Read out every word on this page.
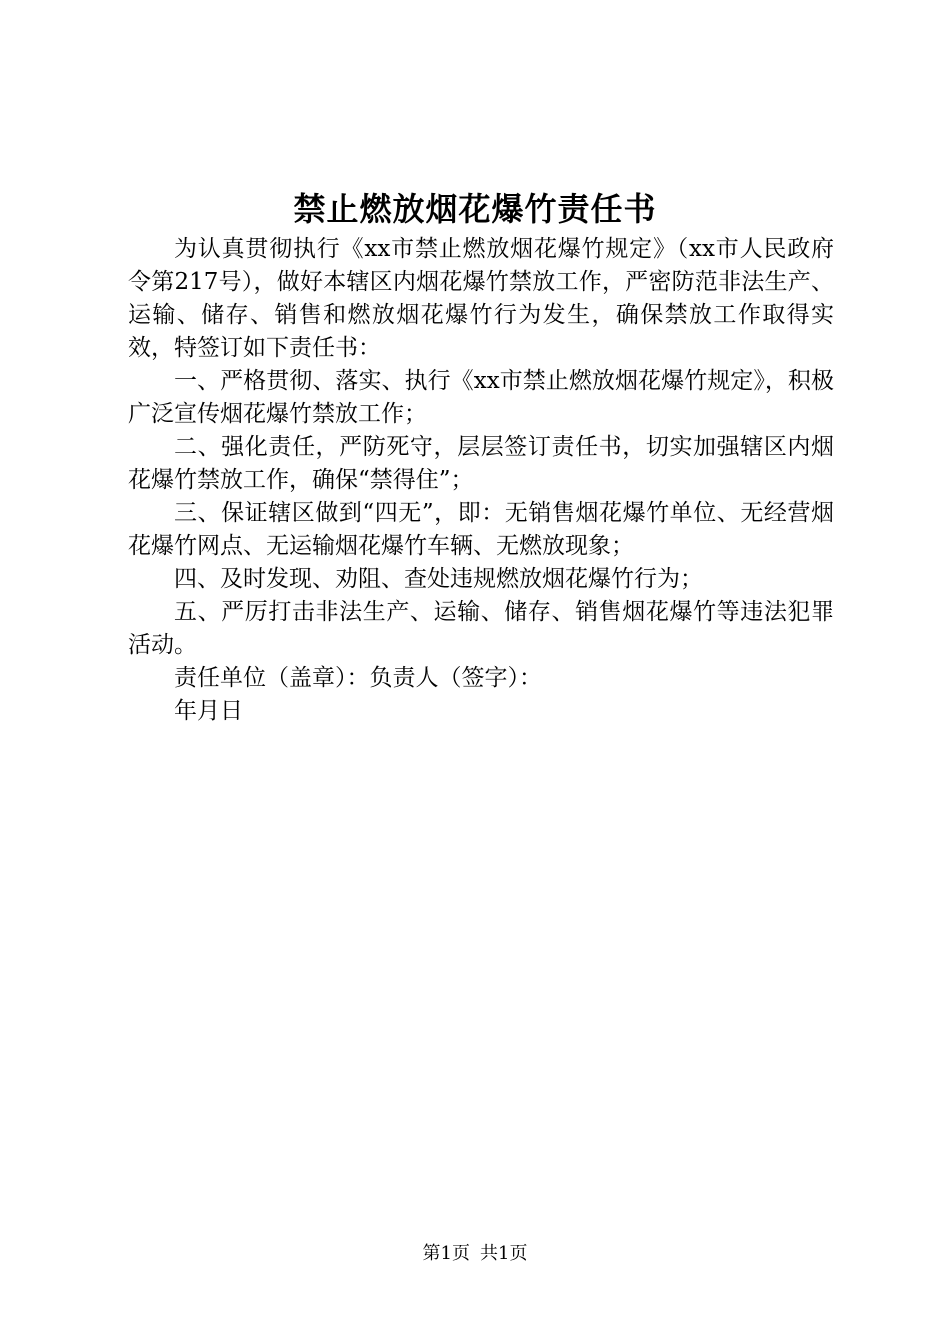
禁止燃放烟花爆竹责任书

为认真贯彻执行《xx市禁止燃放烟花爆竹规定》（xx市人民政府令第217号），做好本辖区内烟花爆竹禁放工作，严密防范非法生产、运输、储存、销售和燃放烟花爆竹行为发生，确保禁放工作取得实效，特签订如下责任书：

一、严格贯彻、落实、执行《xx市禁止燃放烟花爆竹规定》，积极广泛宣传烟花爆竹禁放工作；

二、强化责任，严防死守，层层签订责任书，切实加强辖区内烟花爆竹禁放工作，确保“禁得住”；

三、保证辖区做到“四无”，即：无销售烟花爆竹单位、无经营烟花爆竹网点、无运输烟花爆竹车辆、无燃放现象；

四、及时发现、劝阻、查处违规燃放烟花爆竹行为；

五、严厉打击非法生产、运输、储存、销售烟花爆竹等违法犯罪活动。

责任单位（盖章）：负责人（签字）：

年月日

第1页 共1页
